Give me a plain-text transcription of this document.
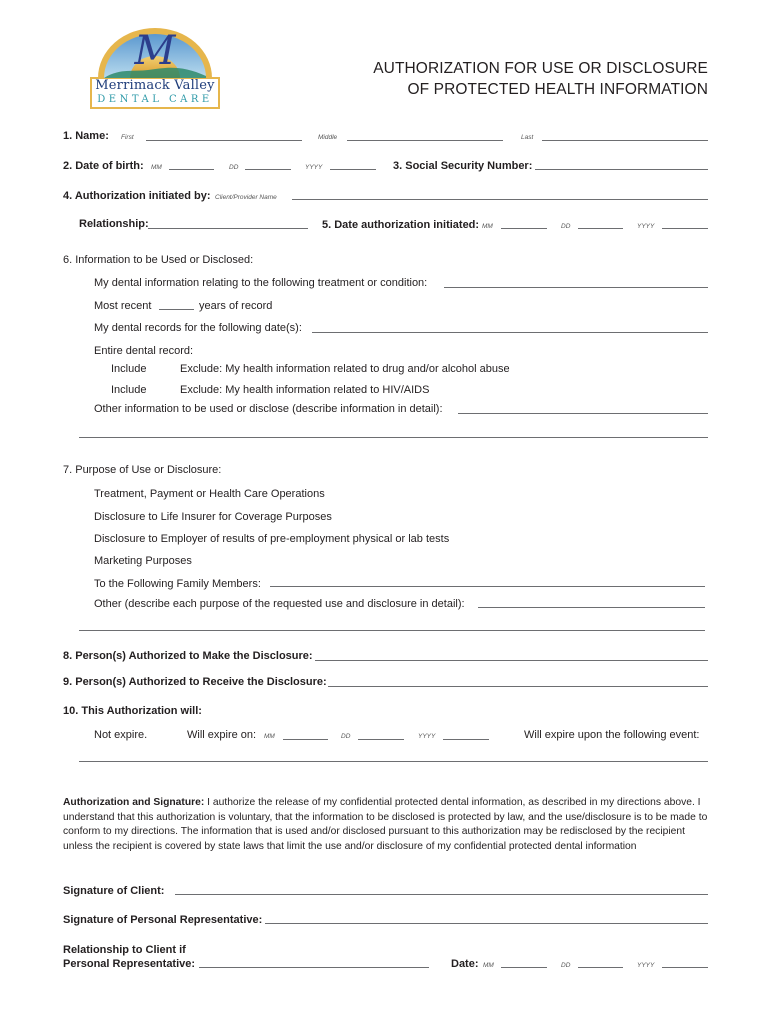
M
Merrimack Valley
DENTAL CARE
AUTHORIZATION FOR USE OR DISCLOSURE
OF PROTECTED HEALTH INFORMATION
1. Name: First	Middle	Last
2. Date of birth: MM	DD	YYYY	3. Social Security Number:
4. Authorization initiated by: Client/Provider Name
Relationship:	5. Date authorization initiated: MM	DD	YYYY
6. Information to be Used or Disclosed:
My dental information relating to the following treatment or condition:
Most recent	years of record
My dental records for the following date(s):
Entire dental record:
Include	Exclude: My health information related to drug and/or alcohol abuse
Include	Exclude: My health information related to HIV/AIDS
Other information to be used or disclose (describe information in detail):
7. Purpose of Use or Disclosure:
Treatment, Payment or Health Care Operations
Disclosure to Life Insurer for Coverage Purposes
Disclosure to Employer of results of pre-employment physical or lab tests
Marketing Purposes
To the Following Family Members:
Other (describe each purpose of the requested use and disclosure in detail):
8. Person(s) Authorized to Make the Disclosure:
9. Person(s) Authorized to Receive the Disclosure:
10. This Authorization will:
Not expire.	Will expire on: MM	DD	YYYY	Will expire upon the following event:
Authorization and Signature: I authorize the release of my confidential protected dental information, as described in my directions above. I understand that this authorization is voluntary, that the information to be disclosed is protected by law, and the use/disclosure is to be made to conform to my directions. The information that is used and/or disclosed pursuant to this authorization may be redisclosed by the recipient unless the recipient is covered by state laws that limit the use and/or disclosure of my confidential protected dental information
Signature of Client:
Signature of Personal Representative:
Relationship to Client if
Personal Representative:	Date: MM	DD	YYYY
